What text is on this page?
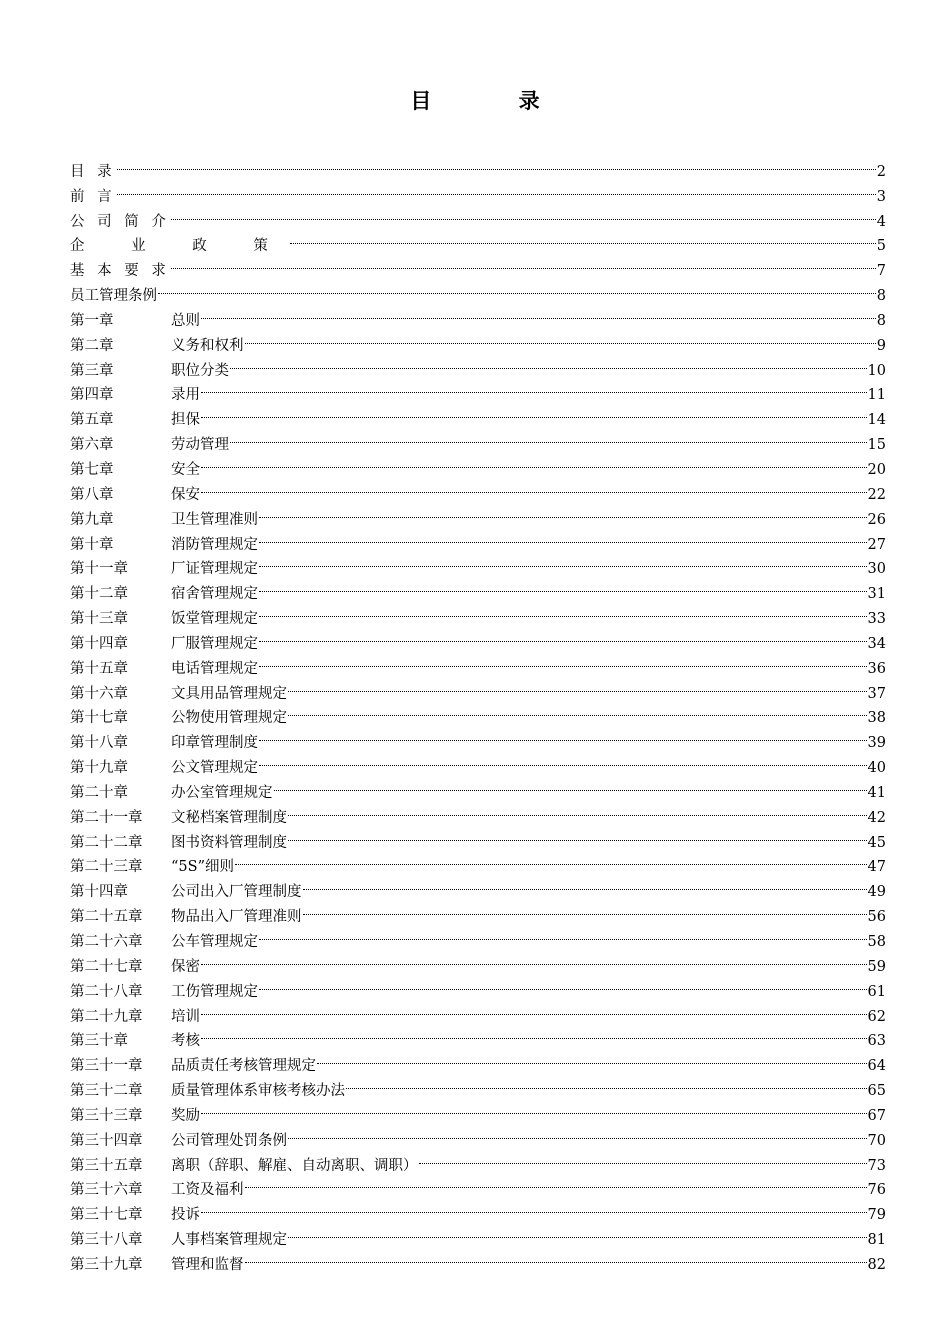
目 录
目 录	2
前 言	3
公 司 简 介	4
企 业 政 策	5
基 本 要 求	7
员工管理条例	8
第一章	总则	8
第二章	义务和权利	9
第三章	职位分类	10
第四章	录用	11
第五章	担保	14
第六章	劳动管理	15
第七章	安全	20
第八章	保安	22
第九章	卫生管理准则	26
第十章	消防管理规定	27
第十一章	厂证管理规定	30
第十二章	宿舍管理规定	31
第十三章	饭堂管理规定	33
第十四章	厂服管理规定	34
第十五章	电话管理规定	36
第十六章	文具用品管理规定	37
第十七章	公物使用管理规定	38
第十八章	印章管理制度	39
第十九章	公文管理规定	40
第二十章	办公室管理规定	41
第二十一章	文秘档案管理制度	42
第二十二章	图书资料管理制度	45
第二十三章	“5S”细则	47
第十四章	公司出入厂管理制度	49
第二十五章	物品出入厂管理准则	56
第二十六章	公车管理规定	58
第二十七章	保密	59
第二十八章	工伤管理规定	61
第二十九章	培训	62
第三十章	考核	63
第三十一章	品质责任考核管理规定	64
第三十二章	质量管理体系审核考核办法	65
第三十三章	奖励	67
第三十四章	公司管理处罚条例	70
第三十五章	离职（辞职、解雇、自动离职、调职）	73
第三十六章	工资及福利	76
第三十七章	投诉	79
第三十八章	人事档案管理规定	81
第三十九章	管理和监督	82
